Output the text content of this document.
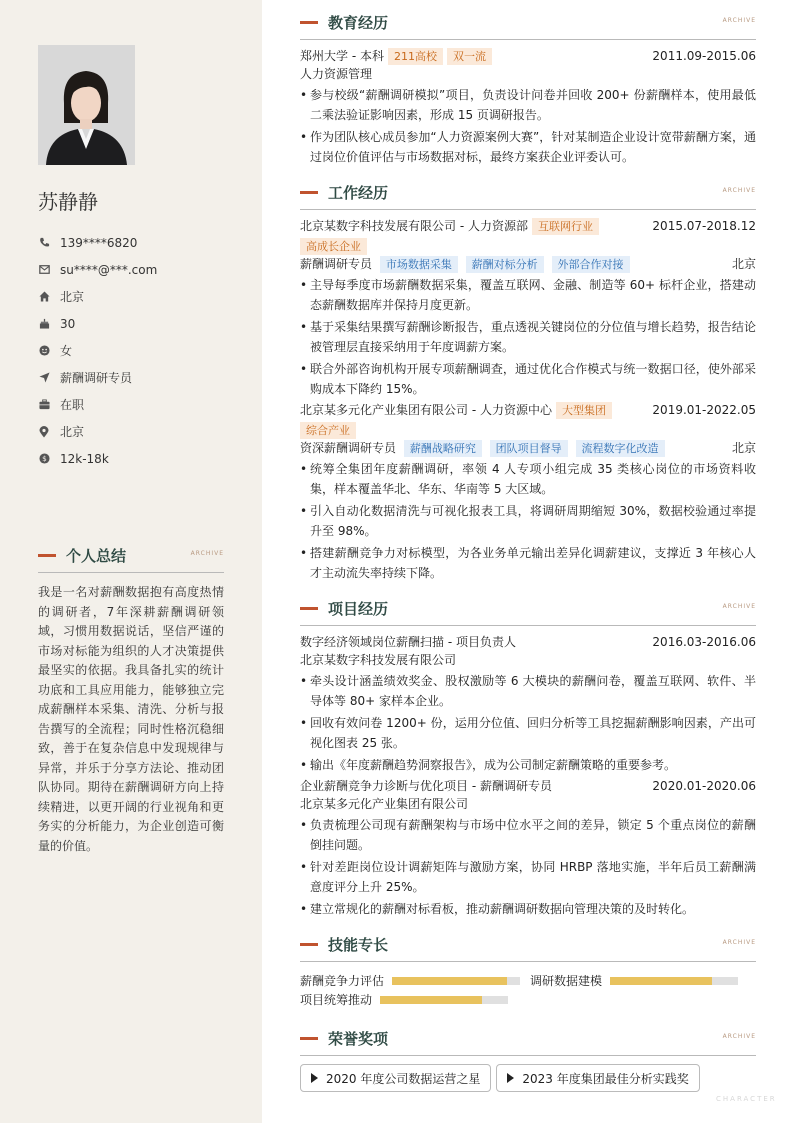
苏静静
139****6820
su****@***.com
北京
30
女
薪酬调研专员
在职
北京
$ 12k-18k
个人总结	ARCHIVE
我是一名对薪酬数据抱有高度热情的调研者，7年深耕薪酬调研领域，习惯用数据说话，坚信严谨的市场对标能为组织的人才决策提供最坚实的依据。我具备扎实的统计功底和工具应用能力，能够独立完成薪酬样本采集、清洗、分析与报告撰写的全流程；同时性格沉稳细致，善于在复杂信息中发现规律与异常，并乐于分享方法论、推动团队协同。期待在薪酬调研方向上持续精进，以更开阔的行业视角和更务实的分析能力，为企业创造可衡量的价值。
教育经历	ARCHIVE
郑州大学 - 本科 211高校	双一流	2011.09-2015.06
人力资源管理
• 参与校级“薪酬调研模拟”项目，负责设计问卷并回收 200+ 份薪酬样本，使用最低二乘法验证影响因素，形成 15 页调研报告。
• 作为团队核心成员参加“人力资源案例大赛”，针对某制造企业设计宽带薪酬方案，通过岗位价值评估与市场数据对标，最终方案获企业评委认可。
工作经历	ARCHIVE
北京某数字科技发展有限公司 - 人力资源部 互联网行业
高成长企业
2015.07-2018.12
薪酬调研专员 市场数据采集 薪酬对标分析 外部合作对接	北京
• 主导每季度市场薪酬数据采集，覆盖互联网、金融、制造等 60+ 标杆企业，搭建动态薪酬数据库并保持月度更新。
• 基于采集结果撰写薪酬诊断报告，重点透视关键岗位的分位值与增长趋势，报告结论被管理层直接采纳用于年度调薪方案。
• 联合外部咨询机构开展专项薪酬调查，通过优化合作模式与统一数据口径，使外部采购成本下降约 15%。
北京某多元化产业集团有限公司 - 人力资源中心 大型集团
综合产业
2019.01-2022.05
资深薪酬调研专员 薪酬战略研究 团队项目督导 流程数字化改造	北京
• 统筹全集团年度薪酬调研，率领 4 人专项小组完成 35 类核心岗位的市场资料收集，样本覆盖华北、华东、华南等 5 大区域。
• 引入自动化数据清洗与可视化报表工具，将调研周期缩短 30%，数据校验通过率提升至 98%。
• 搭建薪酬竞争力对标模型，为各业务单元输出差异化调薪建议，支撑近 3 年核心人才主动流失率持续下降。
项目经历	ARCHIVE
数字经济领域岗位薪酬扫描 - 项目负责人	2016.03-2016.06
北京某数字科技发展有限公司
• 牵头设计涵盖绩效奖金、股权激励等 6 大模块的薪酬问卷，覆盖互联网、软件、半导体等 80+ 家样本企业。
• 回收有效问卷 1200+ 份，运用分位值、回归分析等工具挖掘薪酬影响因素，产出可视化图表 25 张。
• 输出《年度薪酬趋势洞察报告》，成为公司制定薪酬策略的重要参考。
企业薪酬竞争力诊断与优化项目 - 薪酬调研专员	2020.01-2020.06
北京某多元化产业集团有限公司
• 负责梳理公司现有薪酬架构与市场中位水平之间的差异，锁定 5 个重点岗位的薪酬倒挂问题。
• 针对差距岗位设计调薪矩阵与激励方案，协同 HRBP 落地实施，半年后员工薪酬满意度评分上升 25%。
• 建立常规化的薪酬对标看板，推动薪酬调研数据向管理决策的及时转化。
技能专长	ARCHIVE
薪酬竞争力评估	调研数据建模
项目统筹推动
荣誉奖项	ARCHIVE
2020 年度公司数据运营之星	2023 年度集团最佳分析实践奖
CHARACTER
